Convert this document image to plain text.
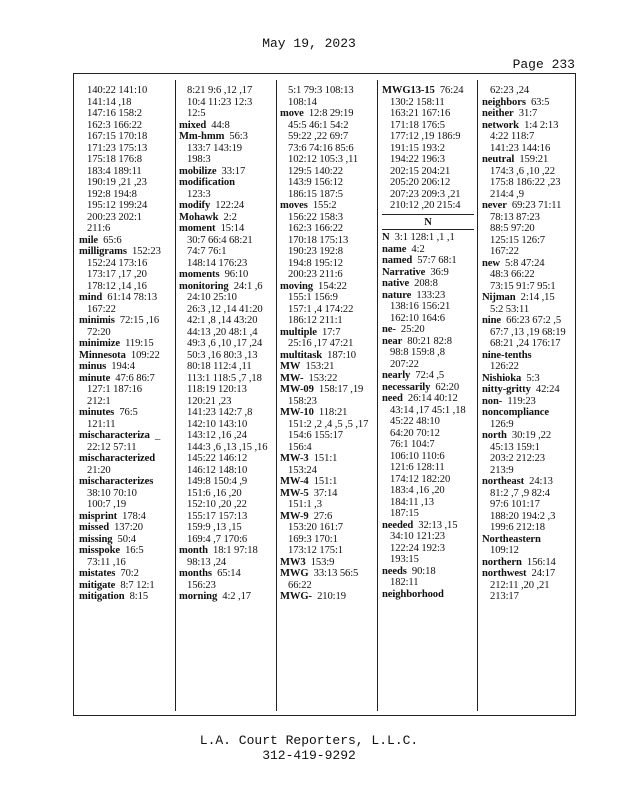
May 19, 2023
Page 233
140:22 141:10
141:14 ,18
147:16 158:2
162:3 166:22
167:15 170:18
171:23 175:13
175:18 176:8
183:4 189:11
190:19 ,21 ,23
192:8 194:8
195:12 199:24
200:23 202:1
211:6
mile  65:6
milligrams  152:23
152:24 173:16
173:17 ,17 ,20
178:12 ,14 ,16
mind  61:14 78:13
167:22
minimis  72:15 ,16
72:20
minimize  119:15
Minnesota  109:22
minus  194:4
minute  47:6 86:7
127:1 187:16
212:1
minutes  76:5
121:11
mischaracteriza  _
22:12 57:11
mischaracterized
21:20
mischaracterizes
38:10 70:10
100:7 ,19
misprint  178:4
missed  137:20
missing  50:4
misspoke  16:5
73:11 ,16
mistates  70:2
mitigate  8:7 12:1
mitigation  8:15
8:21 9:6 ,12 ,17
10:4 11:23 12:3
12:5
mixed  44:8
Mm-hmm  56:3
133:7 143:19
198:3
mobilize  33:17
modification
123:3
modify  122:24
Mohawk  2:2
moment  15:14
30:7 66:4 68:21
74:7 76:1
148:14 176:23
moments  96:10
monitoring  24:1 ,6
24:10 25:10
26:3 ,12 ,14 41:20
42:1 ,8 ,14 43:20
44:13 ,20 48:1 ,4
49:3 ,6 ,10 ,17 ,24
50:3 ,16 80:3 ,13
80:18 112:4 ,11
113:1 118:5 ,7 ,18
118:19 120:13
120:21 ,23
141:23 142:7 ,8
142:10 143:10
143:12 ,16 ,24
144:3 ,6 ,13 ,15 ,16
145:22 146:12
146:12 148:10
149:8 150:4 ,9
151:6 ,16 ,20
152:10 ,20 ,22
155:17 157:13
159:9 ,13 ,15
169:4 ,7 170:6
month  18:1 97:18
98:13 ,24
months  65:14
156:23
morning  4:2 ,17
5:1 79:3 108:13
108:14
move  12:8 29:19
45:5 46:1 54:2
59:22 ,22 69:7
73:6 74:16 85:6
102:12 105:3 ,11
129:5 140:22
143:9 156:12
186:15 187:5
moves  155:2
156:22 158:3
162:3 166:22
170:18 175:13
190:23 192:8
194:8 195:12
200:23 211:6
moving  154:22
155:1 156:9
157:1 ,4 174:22
186:12 211:1
multiple  17:7
25:16 ,17 47:21
multitask  187:10
MW  153:21
MW-  153:22
MW-09  158:17 ,19
158:23
MW-10  118:21
151:2 ,2 ,4 ,5 ,5 ,17
154:6 155:17
156:4
MW-3  151:1
153:24
MW-4  151:1
MW-5  37:14
151:1 ,3
MW-9  27:6
153:20 161:7
169:3 170:1
173:12 175:1
MW3  153:9
MWG  33:13 56:5
66:22
MWG-  210:19
MWG13-15  76:24
130:2 158:11
163:21 167:16
171:18 176:5
177:12 ,19 186:9
191:15 193:2
194:22 196:3
202:15 204:21
205:20 206:12
207:23 209:3 ,21
210:12 ,20 215:4
N
N  3:1 128:1 ,1 ,1
name  4:2
named  57:7 68:1
Narrative  36:9
native  208:8
nature  133:23
138:16 156:21
162:10 164:6
ne-  25:20
near  80:21 82:8
98:8 159:8 ,8
207:22
nearly  72:4 ,5
necessarily  62:20
need  26:14 40:12
43:14 ,17 45:1 ,18
45:22 48:10
64:20 70:12
76:1 104:7
106:10 110:6
121:6 128:11
174:12 182:20
183:4 ,16 ,20
184:11 ,13
187:15
needed  32:13 ,15
34:10 121:23
122:24 192:3
193:15
needs  90:18
182:11
neighborhood
62:23 ,24
neighbors  63:5
neither  31:7
network  1:4 2:13
4:22 118:7
141:23 144:16
neutral  159:21
174:3 ,6 ,10 ,22
175:8 186:22 ,23
214:4 ,9
never  69:23 71:11
78:13 87:23
88:5 97:20
125:15 126:7
167:22
new  5:8 47:24
48:3 66:22
73:15 91:7 95:1
Nijman  2:14 ,15
5:2 53:11
nine  66:23 67:2 ,5
67:7 ,13 ,19 68:19
68:21 ,24 176:17
nine-tenths
126:22
Nishioka  5:3
nitty-gritty  42:24
non-  119:23
noncompliance
126:9
north  30:19 ,22
45:13 159:1
203:2 212:23
213:9
northeast  24:13
81:2 ,7 ,9 82:4
97:6 101:17
188:20 194:2 ,3
199:6 212:18
Northeastern
109:12
northern  156:14
northwest  24:17
212:11 ,20 ,21
213:17
L.A. Court Reporters, L.L.C.
312-419-9292
